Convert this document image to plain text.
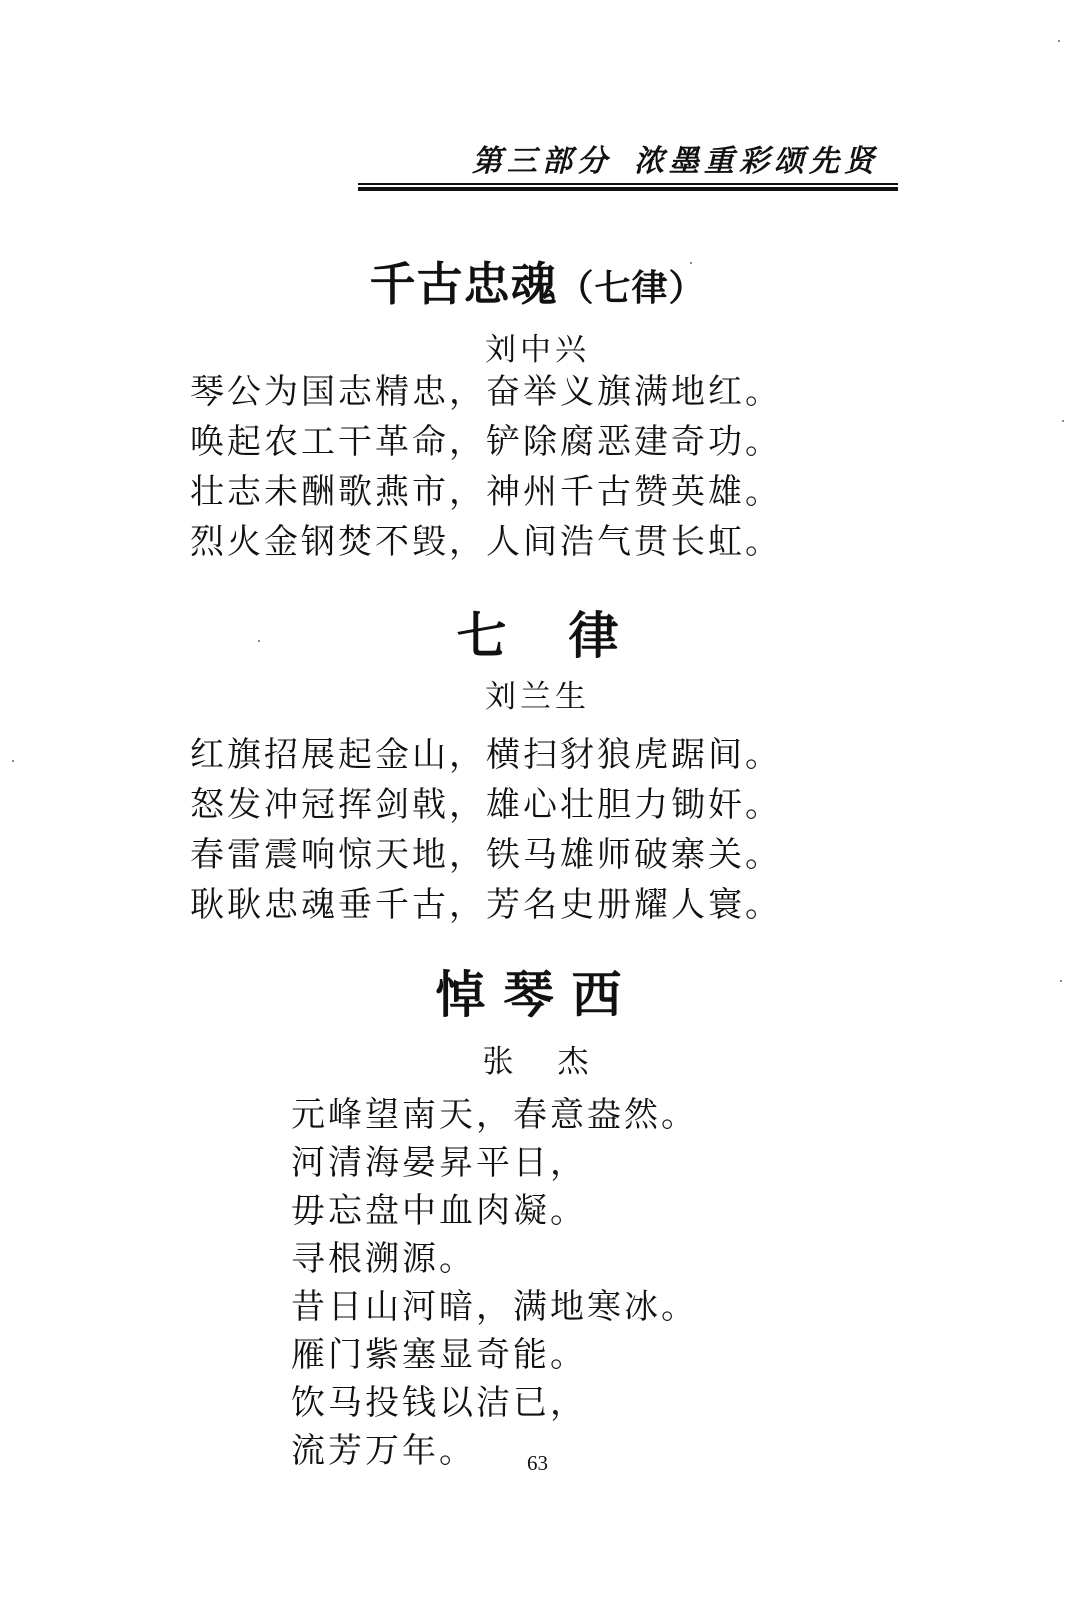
第三部分 浓墨重彩颂先贤
千古忠魂（七律）
刘中兴
琴公为国志精忠，奋举义旗满地红。
唤起农工干革命，铲除腐恶建奇功。
壮志未酬歌燕市，神州千古赞英雄。
烈火金钢焚不毁，人间浩气贯长虹。
七 律
刘兰生
红旗招展起金山，横扫豺狼虎踞间。
怒发冲冠挥剑戟，雄心壮胆力锄奸。
春雷震响惊天地，铁马雄师破寨关。
耿耿忠魂垂千古，芳名史册耀人寰。
悼琴西
张 杰
元峰望南天，春意盎然。
河清海晏昇平日，
毋忘盘中血肉凝。
寻根溯源。
昔日山河暗，满地寒冰。
雁门紫塞显奇能。
饮马投钱以洁已，
流芳万年。	63
